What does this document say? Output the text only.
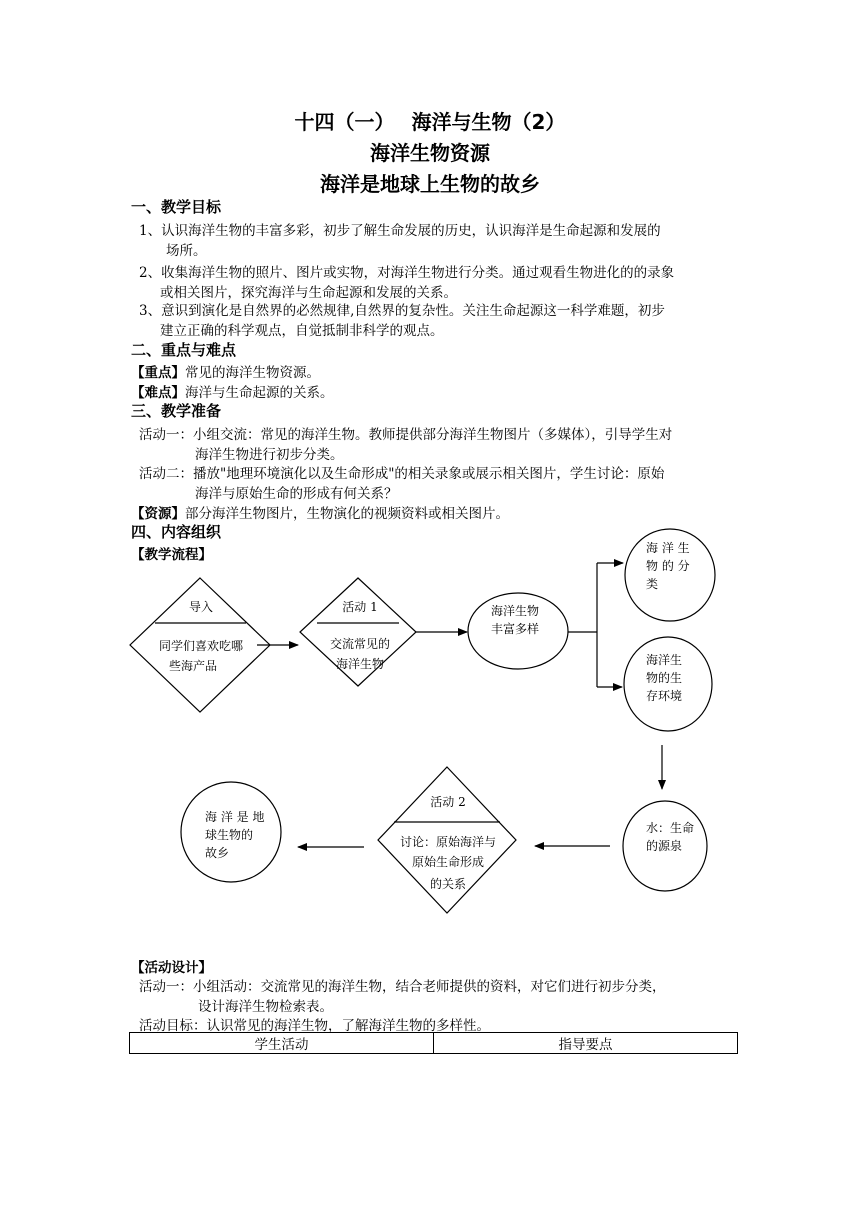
十四（一）　 海洋与生物（2）
海洋生物资源
海洋是地球上生物的故乡
一、教学目标
1、认识海洋生物的丰富多彩，初步了解生命发展的历史，认识海洋是生命起源和发展的
场所。
2、收集海洋生物的照片、图片或实物，对海洋生物进行分类。通过观看生物进化的的录象
或相关图片，探究海洋与生命起源和发展的关系。
3、意识到演化是自然界的必然规律,自然界的复杂性。关注生命起源这一科学难题，初步
建立正确的科学观点，自觉抵制非科学的观点。
二、重点与难点
【重点】常见的海洋生物资源。
【难点】海洋与生命起源的关系。
三、教学准备
活动一：小组交流：常见的海洋生物。教师提供部分海洋生物图片（多媒体），引导学生对
海洋生物进行初步分类。
活动二：播放"地理环境演化以及生命形成"的相关录象或展示相关图片，学生讨论：原始
海洋与原始生命的形成有何关系？
【资源】部分海洋生物图片，生物演化的视频资料或相关图片。
四、内容组织
【教学流程】
导入
同学们喜欢吃哪
些海产品
活动 1
交流常见的
海洋生物
海洋生物
丰富多样
海 洋 生
物 的 分
类
海洋生
物的生
存环境
水：生命
的源泉
活动 2
讨论：原始海洋与
原始生命形成
的关系
海 洋 是 地
球生物的
故乡
【活动设计】
活动一：小组活动：交流常见的海洋生物，结合老师提供的资料，对它们进行初步分类，
设计海洋生物检索表。
活动目标：认识常见的海洋生物，了解海洋生物的多样性。
学生活动	指导要点
